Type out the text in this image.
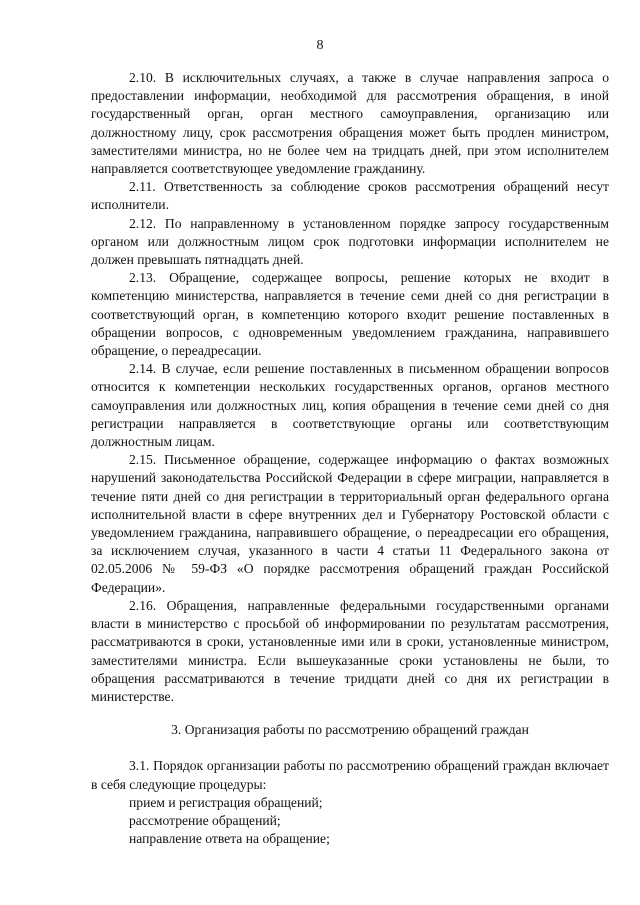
8

2.10. В исключительных случаях, а также в случае направления запроса о предоставлении информации, необходимой для рассмотрения обращения, в иной государственный орган, орган местного самоуправления, организацию или должностному лицу, срок рассмотрения обращения может быть продлен министром, заместителями министра, но не более чем на тридцать дней, при этом исполнителем направляется соответствующее уведомление гражданину.

2.11. Ответственность за соблюдение сроков рассмотрения обращений несут исполнители.

2.12. По направленному в установленном порядке запросу государственным органом или должностным лицом срок подготовки информации исполнителем не должен превышать пятнадцать дней.

2.13. Обращение, содержащее вопросы, решение которых не входит в компетенцию министерства, направляется в течение семи дней со дня регистрации в соответствующий орган, в компетенцию которого входит решение поставленных в обращении вопросов, с одновременным уведомлением гражданина, направившего обращение, о переадресации.

2.14. В случае, если решение поставленных в письменном обращении вопросов относится к компетенции нескольких государственных органов, органов местного самоуправления или должностных лиц, копия обращения в течение семи дней со дня регистрации направляется в соответствующие органы или соответствующим должностным лицам.

2.15. Письменное обращение, содержащее информацию о фактах возможных нарушений законодательства Российской Федерации в сфере миграции, направляется в течение пяти дней со дня регистрации в территориальный орган федерального органа исполнительной власти в сфере внутренних дел и Губернатору Ростовской области с уведомлением гражданина, направившего обращение, о переадресации его обращения, за исключением случая, указанного в части 4 статьи 11 Федерального закона от 02.05.2006 № 59-ФЗ «О порядке рассмотрения обращений граждан Российской Федерации».

2.16. Обращения, направленные федеральными государственными органами власти в министерство с просьбой об информировании по результатам рассмотрения, рассматриваются в сроки, установленные ими или в сроки, установленные министром, заместителями министра. Если вышеуказанные сроки установлены не были, то обращения рассматриваются в течение тридцати дней со дня их регистрации в министерстве.

3. Организация работы по рассмотрению обращений граждан

3.1. Порядок организации работы по рассмотрению обращений граждан включает в себя следующие процедуры:

прием и регистрация обращений;

рассмотрение обращений;

направление ответа на обращение;
